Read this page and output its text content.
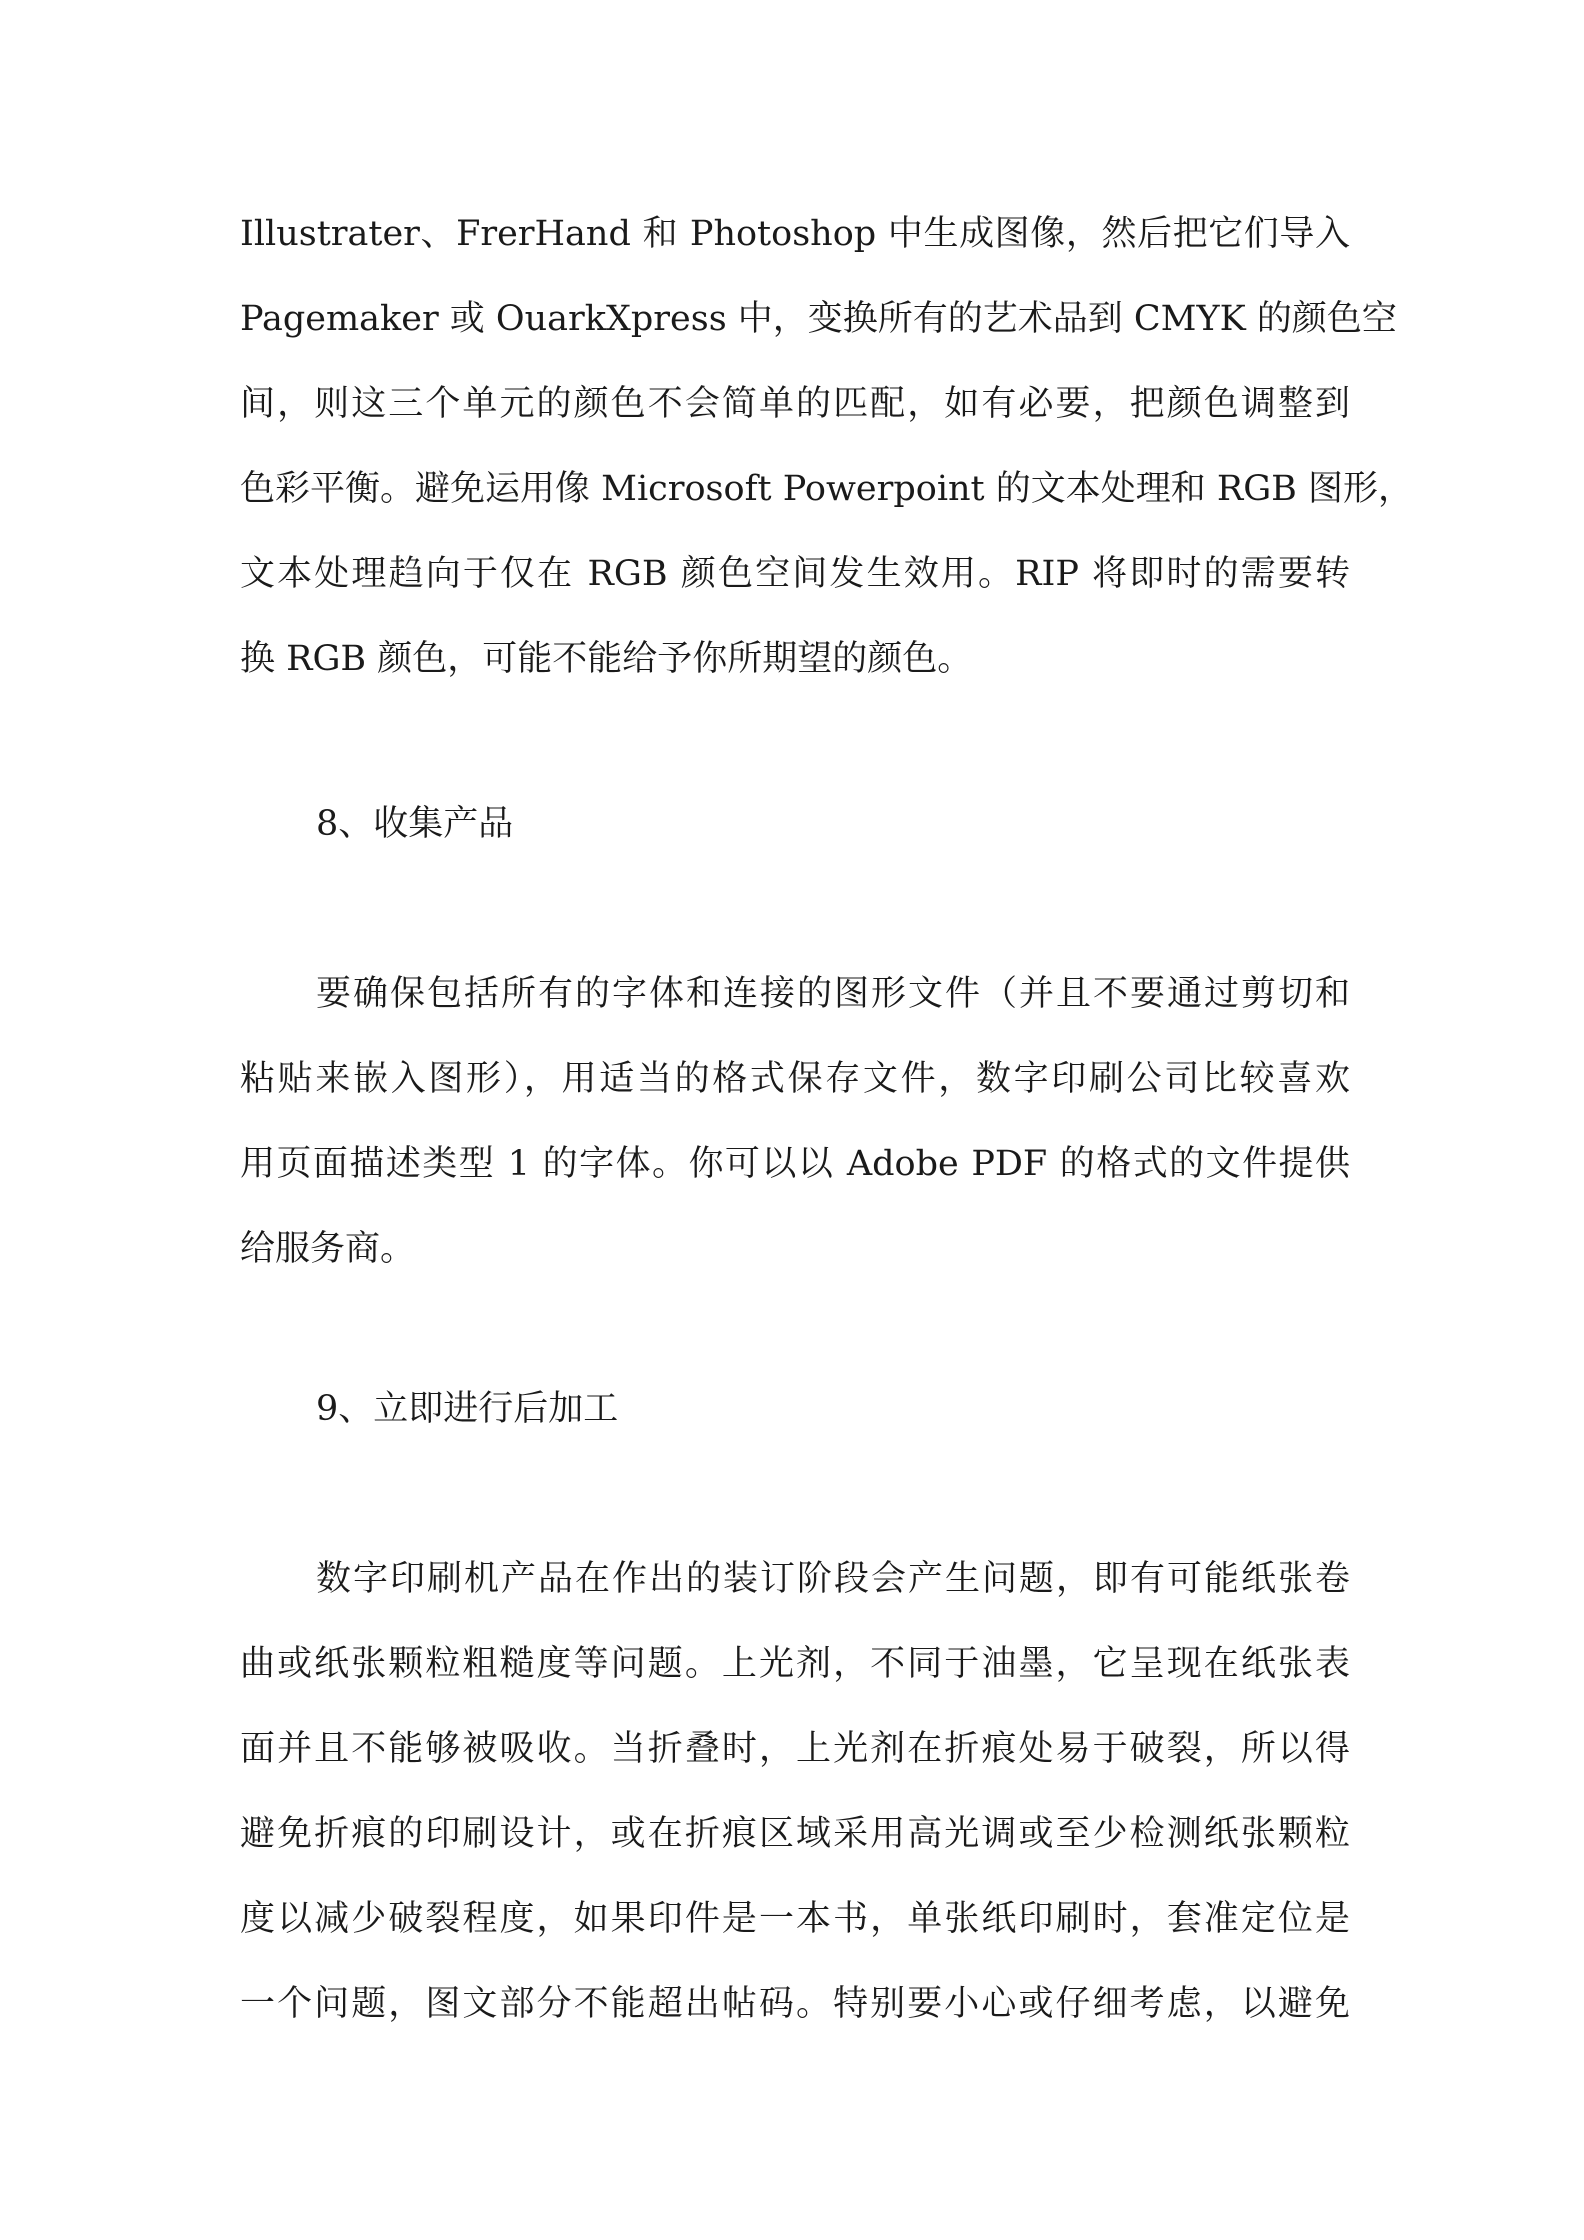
Illustrater、FrerHand 和 Photoshop 中生成图像，然后把它们导入
Pagemaker 或 OuarkXpress 中，变换所有的艺术品到 CMYK 的颜色空
间，则这三个单元的颜色不会简单的匹配，如有必要，把颜色调整到
色彩平衡。避免运用像 Microsoft Powerpoint 的文本处理和 RGB 图形，
文本处理趋向于仅在 RGB 颜色空间发生效用。RIP 将即时的需要转
换 RGB 颜色，可能不能给予你所期望的颜色。
8、收集产品
要确保包括所有的字体和连接的图形文件（并且不要通过剪切和
粘贴来嵌入图形），用适当的格式保存文件，数字印刷公司比较喜欢
用页面描述类型 1 的字体。你可以以 Adobe PDF 的格式的文件提供
给服务商。
9、立即进行后加工
数字印刷机产品在作出的装订阶段会产生问题，即有可能纸张卷
曲或纸张颗粒粗糙度等问题。上光剂，不同于油墨，它呈现在纸张表
面并且不能够被吸收。当折叠时，上光剂在折痕处易于破裂，所以得
避免折痕的印刷设计，或在折痕区域采用高光调或至少检测纸张颗粒
度以减少破裂程度，如果印件是一本书，单张纸印刷时，套准定位是
一个问题，图文部分不能超出帖码。特别要小心或仔细考虑，以避免
